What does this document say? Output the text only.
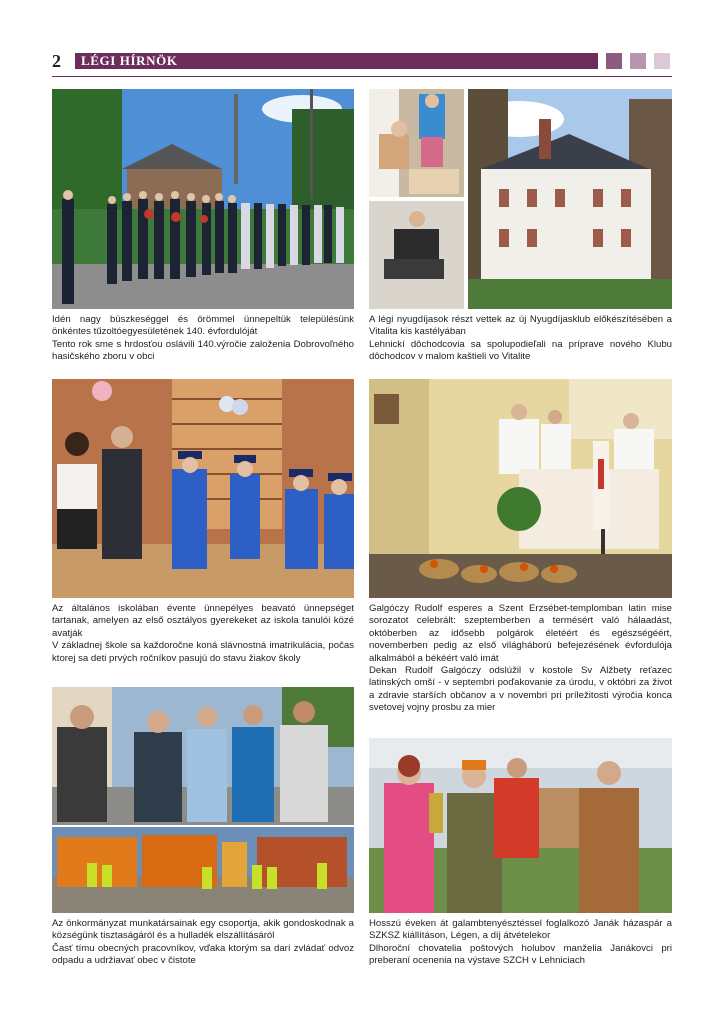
2 LÉGI HÍRNÖK

Idén nagy büszkeséggel és örömmel ünnepeltük településünk önkéntes tűzoltóegyesületének 140. évfordulóját

Tento rok sme s hrdosťou oslávili 140.výročie založenia Dobrovoľného hasičského zboru v obci

A légi nyugdíjasok részt vettek az új Nyugdíjasklub előkészítésében a Vitalita kis kastélyában

Lehnickí dôchodcovia sa spolupodieľali na príprave nového Klubu dôchodcov v malom kaštieli vo Vitalite

Az általános iskolában évente ünnepélyes beavató ünnepséget tartanak, amelyen az első osztályos gyerekeket az iskola tanulói közé avatják

V základnej škole sa každoročne koná slávnostná imatrikulácia, počas ktorej sa deti prvých ročníkov pasujú do stavu žiakov školy

Galgóczy Rudolf esperes a Szent Erzsébet-templomban latin mise sorozatot celebrált: szeptemberben a termésért való hálaadást, októberben az idősebb polgárok életéért és egészségéért, novemberben pedig az első világháború befejezésének évfordulója alkalmából a békéért való imát

Dekan Rudolf Galgóczy odslúžil v kostole Sv Alžbety reťazec latinských omší - v septembri poďakovanie za úrodu, v októbri za život a zdravie starších občanov a v novembri pri príležitosti výročia konca svetovej vojny prosbu za mier

Az önkormányzat munkatársainak egy csoportja, akik gondoskodnak a községünk tisztaságáról és a hulladék elszállításáról

Časť tímu obecných pracovníkov, vďaka ktorým sa darí zvládať odvoz odpadu a udržiavať obec v čistote

Hosszú éveken át galambtenyésztéssel foglalkozó Janák házaspár a SZKSZ kiállításon, Légen, a díj átvételekor

Dlhoroční chovatelia poštových holubov manželia Janákovci pri preberaní ocenenia na výstave SZCH v Lehniciach
